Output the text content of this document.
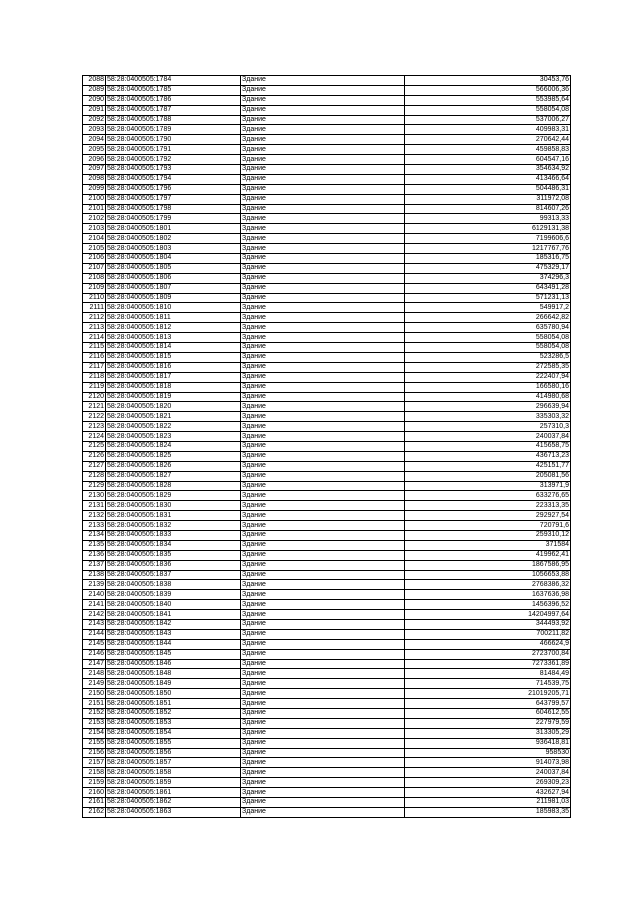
2088	58:28:0400505:1784	Здание	30453,76
2089	58:28:0400505:1785	Здание	566006,36
2090	58:28:0400505:1786	Здание	553985,64
2091	58:28:0400505:1787	Здание	558054,08
2092	58:28:0400505:1788	Здание	537006,27
2093	58:28:0400505:1789	Здание	409983,31
2094	58:28:0400505:1790	Здание	270642,44
2095	58:28:0400505:1791	Здание	459858,83
2096	58:28:0400505:1792	Здание	604547,16
2097	58:28:0400505:1793	Здание	354634,92
2098	58:28:0400505:1794	Здание	413466,64
2099	58:28:0400505:1796	Здание	504486,31
2100	58:28:0400505:1797	Здание	311972,08
2101	58:28:0400505:1798	Здание	814607,26
2102	58:28:0400505:1799	Здание	99313,33
2103	58:28:0400505:1801	Здание	6129131,38
2104	58:28:0400505:1802	Здание	7199606,6
2105	58:28:0400505:1803	Здание	1217767,76
2106	58:28:0400505:1804	Здание	185316,75
2107	58:28:0400505:1805	Здание	475329,17
2108	58:28:0400505:1806	Здание	374296,3
2109	58:28:0400505:1807	Здание	643491,28
2110	58:28:0400505:1809	Здание	571231,13
2111	58:28:0400505:1810	Здание	549917,2
2112	58:28:0400505:1811	Здание	266642,82
2113	58:28:0400505:1812	Здание	635780,94
2114	58:28:0400505:1813	Здание	558054,08
2115	58:28:0400505:1814	Здание	558054,08
2116	58:28:0400505:1815	Здание	523286,5
2117	58:28:0400505:1816	Здание	272585,35
2118	58:28:0400505:1817	Здание	222407,94
2119	58:28:0400505:1818	Здание	166580,16
2120	58:28:0400505:1819	Здание	414980,68
2121	58:28:0400505:1820	Здание	296639,94
2122	58:28:0400505:1821	Здание	335303,32
2123	58:28:0400505:1822	Здание	257310,3
2124	58:28:0400505:1823	Здание	240037,84
2125	58:28:0400505:1824	Здание	415658,75
2126	58:28:0400505:1825	Здание	436713,23
2127	58:28:0400505:1826	Здание	425151,77
2128	58:28:0400505:1827	Здание	205081,56
2129	58:28:0400505:1828	Здание	313971,9
2130	58:28:0400505:1829	Здание	633276,65
2131	58:28:0400505:1830	Здание	223313,35
2132	58:28:0400505:1831	Здание	292927,54
2133	58:28:0400505:1832	Здание	720791,6
2134	58:28:0400505:1833	Здание	259310,12
2135	58:28:0400505:1834	Здание	371584
2136	58:28:0400505:1835	Здание	419962,41
2137	58:28:0400505:1836	Здание	1867586,95
2138	58:28:0400505:1837	Здание	1056653,88
2139	58:28:0400505:1838	Здание	2768386,32
2140	58:28:0400505:1839	Здание	1637636,98
2141	58:28:0400505:1840	Здание	1456396,52
2142	58:28:0400505:1841	Здание	14204997,64
2143	58:28:0400505:1842	Здание	344493,92
2144	58:28:0400505:1843	Здание	700211,82
2145	58:28:0400505:1844	Здание	466624,9
2146	58:28:0400505:1845	Здание	2723700,84
2147	58:28:0400505:1846	Здание	7273361,89
2148	58:28:0400505:1848	Здание	81484,49
2149	58:28:0400505:1849	Здание	714539,75
2150	58:28:0400505:1850	Здание	21019205,71
2151	58:28:0400505:1851	Здание	643799,57
2152	58:28:0400505:1852	Здание	604612,55
2153	58:28:0400505:1853	Здание	227979,59
2154	58:28:0400505:1854	Здание	313305,29
2155	58:28:0400505:1855	Здание	936418,81
2156	58:28:0400505:1856	Здание	958530
2157	58:28:0400505:1857	Здание	914073,98
2158	58:28:0400505:1858	Здание	240037,84
2159	58:28:0400505:1859	Здание	269309,23
2160	58:28:0400505:1861	Здание	432627,94
2161	58:28:0400505:1862	Здание	211981,03
2162	58:28:0400505:1863	Здание	185983,35
